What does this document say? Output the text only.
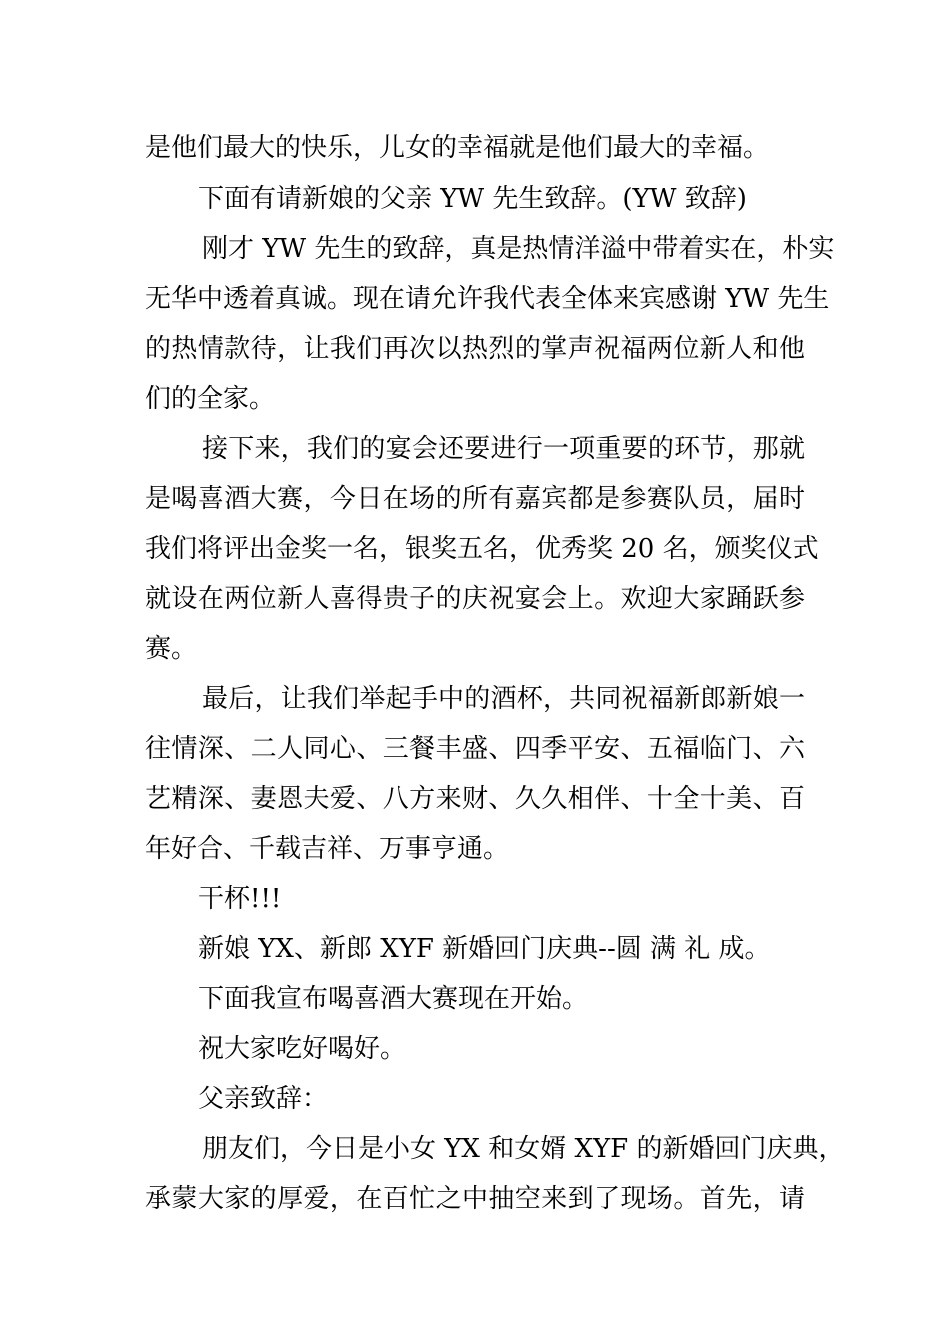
是他们最大的快乐，儿女的幸福就是他们最大的幸福。
下面有请新娘的父亲 YW 先生致辞。(YW 致辞)
刚才 YW 先生的致辞，真是热情洋溢中带着实在，朴实
无华中透着真诚。现在请允许我代表全体来宾感谢 YW 先生
的热情款待，让我们再次以热烈的掌声祝福两位新人和他
们的全家。
接下来，我们的宴会还要进行一项重要的环节，那就
是喝喜酒大赛，今日在场的所有嘉宾都是参赛队员，届时
我们将评出金奖一名，银奖五名，优秀奖 20 名，颁奖仪式
就设在两位新人喜得贵子的庆祝宴会上。欢迎大家踊跃参
赛。
最后，让我们举起手中的酒杯，共同祝福新郎新娘一
往情深、二人同心、三餐丰盛、四季平安、五福临门、六
艺精深、妻恩夫爱、八方来财、久久相伴、十全十美、百
年好合、千载吉祥、万事亨通。
干杯!!!
新娘 YX、新郎 XYF 新婚回门庆典--圆 满 礼 成。
下面我宣布喝喜酒大赛现在开始。
祝大家吃好喝好。
父亲致辞：
朋友们，今日是小女 YX 和女婿 XYF 的新婚回门庆典，
承蒙大家的厚爱，在百忙之中抽空来到了现场。首先，请
